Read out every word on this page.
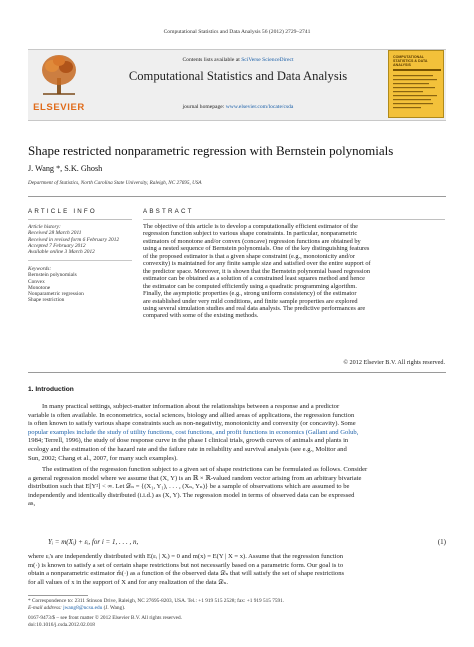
Computational Statistics and Data Analysis 56 (2012) 2729–2741
ELSEVIER
Contents lists available at SciVerse ScienceDirect
Computational Statistics and Data Analysis
journal homepage: www.elsevier.com/locate/csda
COMPUTATIONAL STATISTICS & DATA ANALYSIS
Shape restricted nonparametric regression with Bernstein polynomials
J. Wang *, S.K. Ghosh
Department of Statistics, North Carolina State University, Raleigh, NC 27695, USA
ARTICLE INFO
Article history:
Received 28 March 2011
Received in revised form 6 February 2012
Accepted 7 February 2012
Available online 3 March 2012
Keywords:
Bernstein polynomials
Convex
Monotone
Nonparametric regression
Shape restriction
ABSTRACT
The objective of this article is to develop a computationally efficient estimator of the
regression function subject to various shape constraints. In particular, nonparametric
estimators of monotone and/or convex (concave) regression functions are obtained by
using a nested sequence of Bernstein polynomials. One of the key distinguishing features
of the proposed estimator is that a given shape constraint (e.g., monotonicity and/or
convexity) is maintained for any finite sample size and satisfied over the entire support of
the predictor space. Moreover, it is shown that the Bernstein polynomial based regression
estimator can be obtained as a solution of a constrained least squares method and hence
the estimator can be computed efficiently using a quadratic programming algorithm.
Finally, the asymptotic properties (e.g., strong uniform consistency) of the estimator
are established under very mild conditions, and finite sample properties are explored
using several simulation studies and real data analysis. The predictive performances are
compared with some of the existing methods.
© 2012 Elsevier B.V. All rights reserved.
1. Introduction
In many practical settings, subject-matter information about the relationships between a response and a predictor
variable is often available. In econometrics, social sciences, biology and allied areas of applications, the regression function
is often known to satisfy various shape constraints such as non-negativity, monotonicity and convexity (or concavity). Some
popular examples include the study of utility functions, cost functions, and profit functions in economics (Gallant and Golub,
1984; Terrell, 1996), the study of dose response curve in the phase I clinical trials, growth curves of animals and plants in
ecology and the estimation of the hazard rate and the failure rate in reliability and survival analysis (see e.g., Molitor and
Sun, 2002; Chang et al., 2007, for many such examples).
The estimation of the regression function subject to a given set of shape restrictions can be formulated as follows. Consider
a general regression model where we assume that (X, Y) is an ℝ × ℝ-valued random vector arising from an arbitrary bivariate
distribution such that E[Y²] < ∞. Let 𝒟ₙ = {(X₁, Y₁), . . . , (Xₙ, Yₙ)} be a sample of observations which are assumed to be
independently and identically distributed (i.i.d.) as (X, Y). The regression model in terms of observed data can be expressed
as,
Yᵢ = m(Xᵢ) + εᵢ, for i = 1, . . . , n,	(1)
where εᵢ's are independently distributed with E(εᵢ | Xᵢ) = 0 and m(x) = E(Y | X = x). Assume that the regression function
m(·) is known to satisfy a set of certain shape restrictions but not necessarily based on a parametric form. Our goal is to
obtain a nonparametric estimator m̂(·) as a function of the observed data 𝒟ₙ that will satisfy the set of shape restrictions
for all values of x in the support of X and for any realization of the data 𝒟ₙ.
* Correspondence to: 2311 Stinson Drive, Raleigh, NC 27695-8203, USA. Tel.: +1 919 515 2528; fax: +1 919 515 7591.
E-mail address: jwang8@ncsu.edu (J. Wang).
0167-9473/$ – see front matter © 2012 Elsevier B.V. All rights reserved.
doi:10.1016/j.csda.2012.02.018
